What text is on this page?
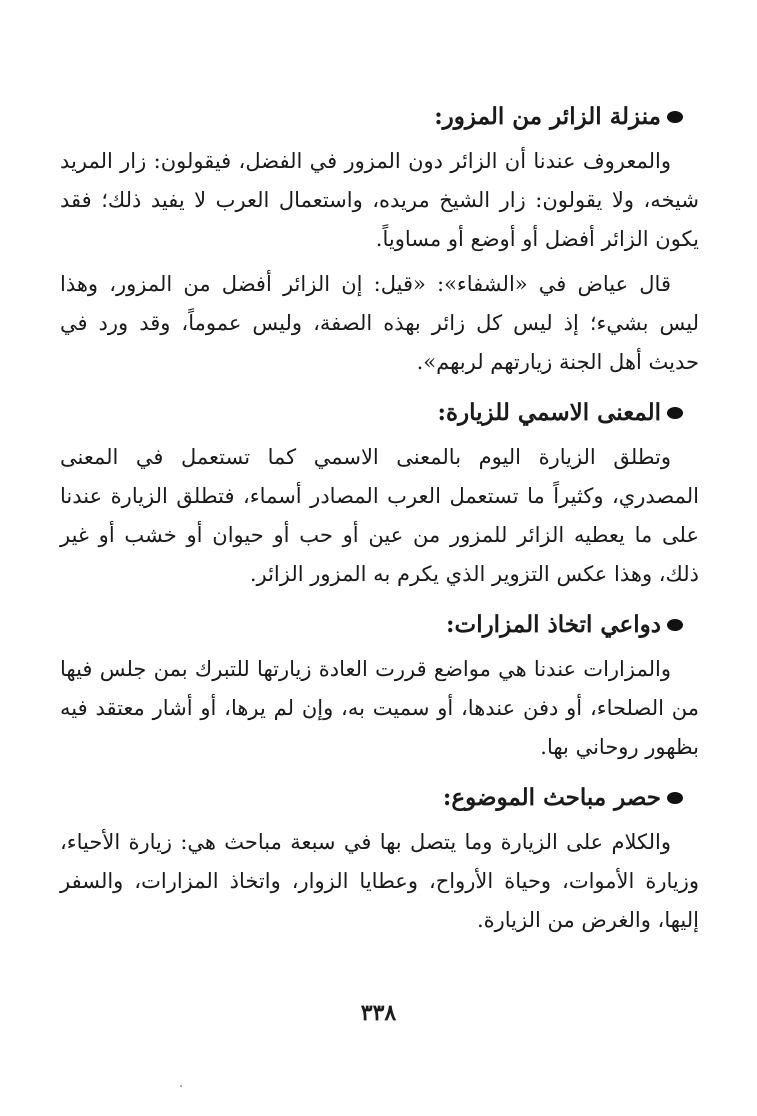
منزلة الزائر من المزور:

والمعروف عندنا أن الزائر دون المزور في الفضل، فيقولون: زار المريد شيخه، ولا يقولون: زار الشيخ مريده، واستعمال العرب لا يفيد ذلك؛ فقد يكون الزائر أفضل أو أوضع أو مساوياً.

قال عياض في «الشفاء»: «قيل: إن الزائر أفضل من المزور، وهذا ليس بشيء؛ إذ ليس كل زائر بهذه الصفة، وليس عموماً، وقد ورد في حديث أهل الجنة زيارتهم لربهم».

المعنى الاسمي للزيارة:

وتطلق الزيارة اليوم بالمعنى الاسمي كما تستعمل في المعنى المصدري، وكثيراً ما تستعمل العرب المصادر أسماء، فتطلق الزيارة عندنا على ما يعطيه الزائر للمزور من عين أو حب أو حيوان أو خشب أو غير ذلك، وهذا عكس التزوير الذي يكرم به المزور الزائر.

دواعي اتخاذ المزارات:

والمزارات عندنا هي مواضع قررت العادة زيارتها للتبرك بمن جلس فيها من الصلحاء، أو دفن عندها، أو سميت به، وإن لم يرها، أو أشار معتقد فيه بظهور روحاني بها.

حصر مباحث الموضوع:

والكلام على الزيارة وما يتصل بها في سبعة مباحث هي: زيارة الأحياء، وزيارة الأموات، وحياة الأرواح، وعطايا الزوار، واتخاذ المزارات، والسفر إليها، والغرض من الزيارة.

٣٣٨
